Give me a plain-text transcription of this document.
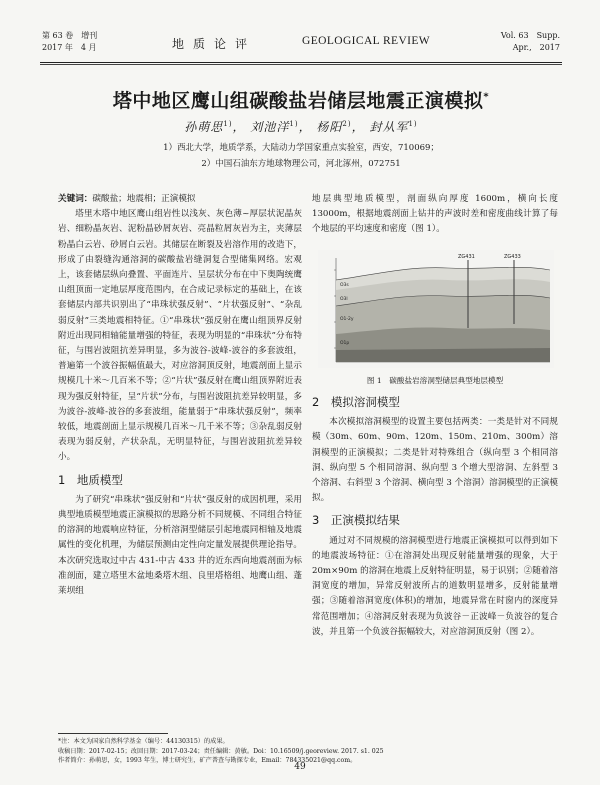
第 63 卷　增刊
2017 年　4 月	地质论评	GEOLOGICAL REVIEW	Vol. 63　Supp.
Apr.,　2017
塔中地区鹰山组碳酸盐岩储层地震正演模拟*
孙萌思$^{1)}$， 刘池洋$^{1)}$， 杨阳$^{2)}$， 封从军$^{1)}$
1）西北大学，地质学系，大陆动力学国家重点实验室，西安，710069；
2）中国石油东方地球物理公司，河北涿州，072751

关键词：碳酸盐；地震相；正演模拟

塔里木塔中地区鹰山组岩性以浅灰、灰色薄~厚层状泥晶灰岩、细粉晶灰岩、泥粉晶砂屑灰岩、亮晶粒屑灰岩为主，夹薄层粉晶白云岩、砂屑白云岩。其储层在断裂及岩溶作用的改造下，形成了由裂缝沟通溶洞的碳酸盐岩缝洞复合型储集网络。宏观上，该套储层纵向叠置、平面连片、呈层状分布在中下奥陶统鹰山组顶面一定地层厚度范围内，在合成记录标定的基础上，在该套储层内部共识别出了“串珠状强反射”、“片状强反射”、“杂乱弱反射”三类地震相特征。①“串珠状”强反射在鹰山组顶界反射附近出现同相轴能量增强的特征，表现为明显的“串珠状”分布特征，与围岩波阻抗差异明显，多为波谷-波峰-波谷的多套波组，普遍第一个波谷振幅值最大，对应溶洞顶反射，地震剖面上显示规模几十米～几百米不等；②“片状”强反射在鹰山组顶界附近表现为强反射特征，呈“片状”分布，与围岩波阻抗差异较明显，多为波谷-波峰-波谷的多套波组，能量弱于“串珠状强反射”，频率较低，地震剖面上显示规模几百米～几千米不等；③杂乱弱反射表现为弱反射，产状杂乱，无明显特征，与围岩波阻抗差异较小。

1　地质模型

为了研究“串珠状”强反射和“片状”强反射的成因机理，采用典型地质模型地震正演模拟的思路分析不同规模、不同组合特征的溶洞的地震响应特征，分析溶洞型储层引起地震同相轴及地震属性的变化机理，为储层预测由定性向定量发展提供理论指导。本次研究选取过中古 431-中古 433 井的近东西向地震剖面为标准剖面，建立塔里木盆地桑塔木组、良里塔格组、地鹰山组、蓬莱坝组

地层典型地质模型，剖面纵向厚度 1600m，横向长度 13000m，根据地震剖面上钻井的声波时差和密度曲线计算了每个地层的平均速度和密度（图 1）。

ZG431	ZG433
O3s
O3l
O1-2y
O1p
图 1　碳酸盐岩溶洞型储层典型地层模型
2　模拟溶洞模型

本次模拟溶洞模型的设置主要包括两类：一类是针对不同规模（30m、60m、90m、120m、150m、210m、300m）溶洞模型的正演模拟；二类是针对特殊组合（纵向型 3 个相同溶洞、纵向型 5 个相同溶洞、纵向型 3 个增大型溶洞、左斜型 3 个溶洞、右斜型 3 个溶洞、横向型 3 个溶洞）溶洞模型的正演模拟。

3　正演模拟结果

通过对不同规模的溶洞模型进行地震正演模拟可以得到如下的地震波场特征：①在溶洞处出现反射能量增强的现象，大于 20m×90m 的溶洞在地震上反射特征明显，易于识别；②随着溶洞宽度的增加，异常反射波所占的道数明显增多，反射能量增强；③随着溶洞宽度(体积)的增加，地震异常在时窗内的深度异常范围增加；④溶洞反射表现为负波谷－正波峰－负波谷的复合波，并且第一个负波谷振幅较大，对应溶洞顶反射（图 2）。

*注：本文为国家自然科学基金（编号：44130315）的成果。
收稿日期：2017-02-15；改回日期：2017-03-24；责任编辑：黄敏。Doi：10.16509/j.georeview. 2017. s1. 025
作者简介：孙萌思，女，1993 年生，博士研究生，矿产普查与勘探专业，Email：784335021@qq.com。
49
